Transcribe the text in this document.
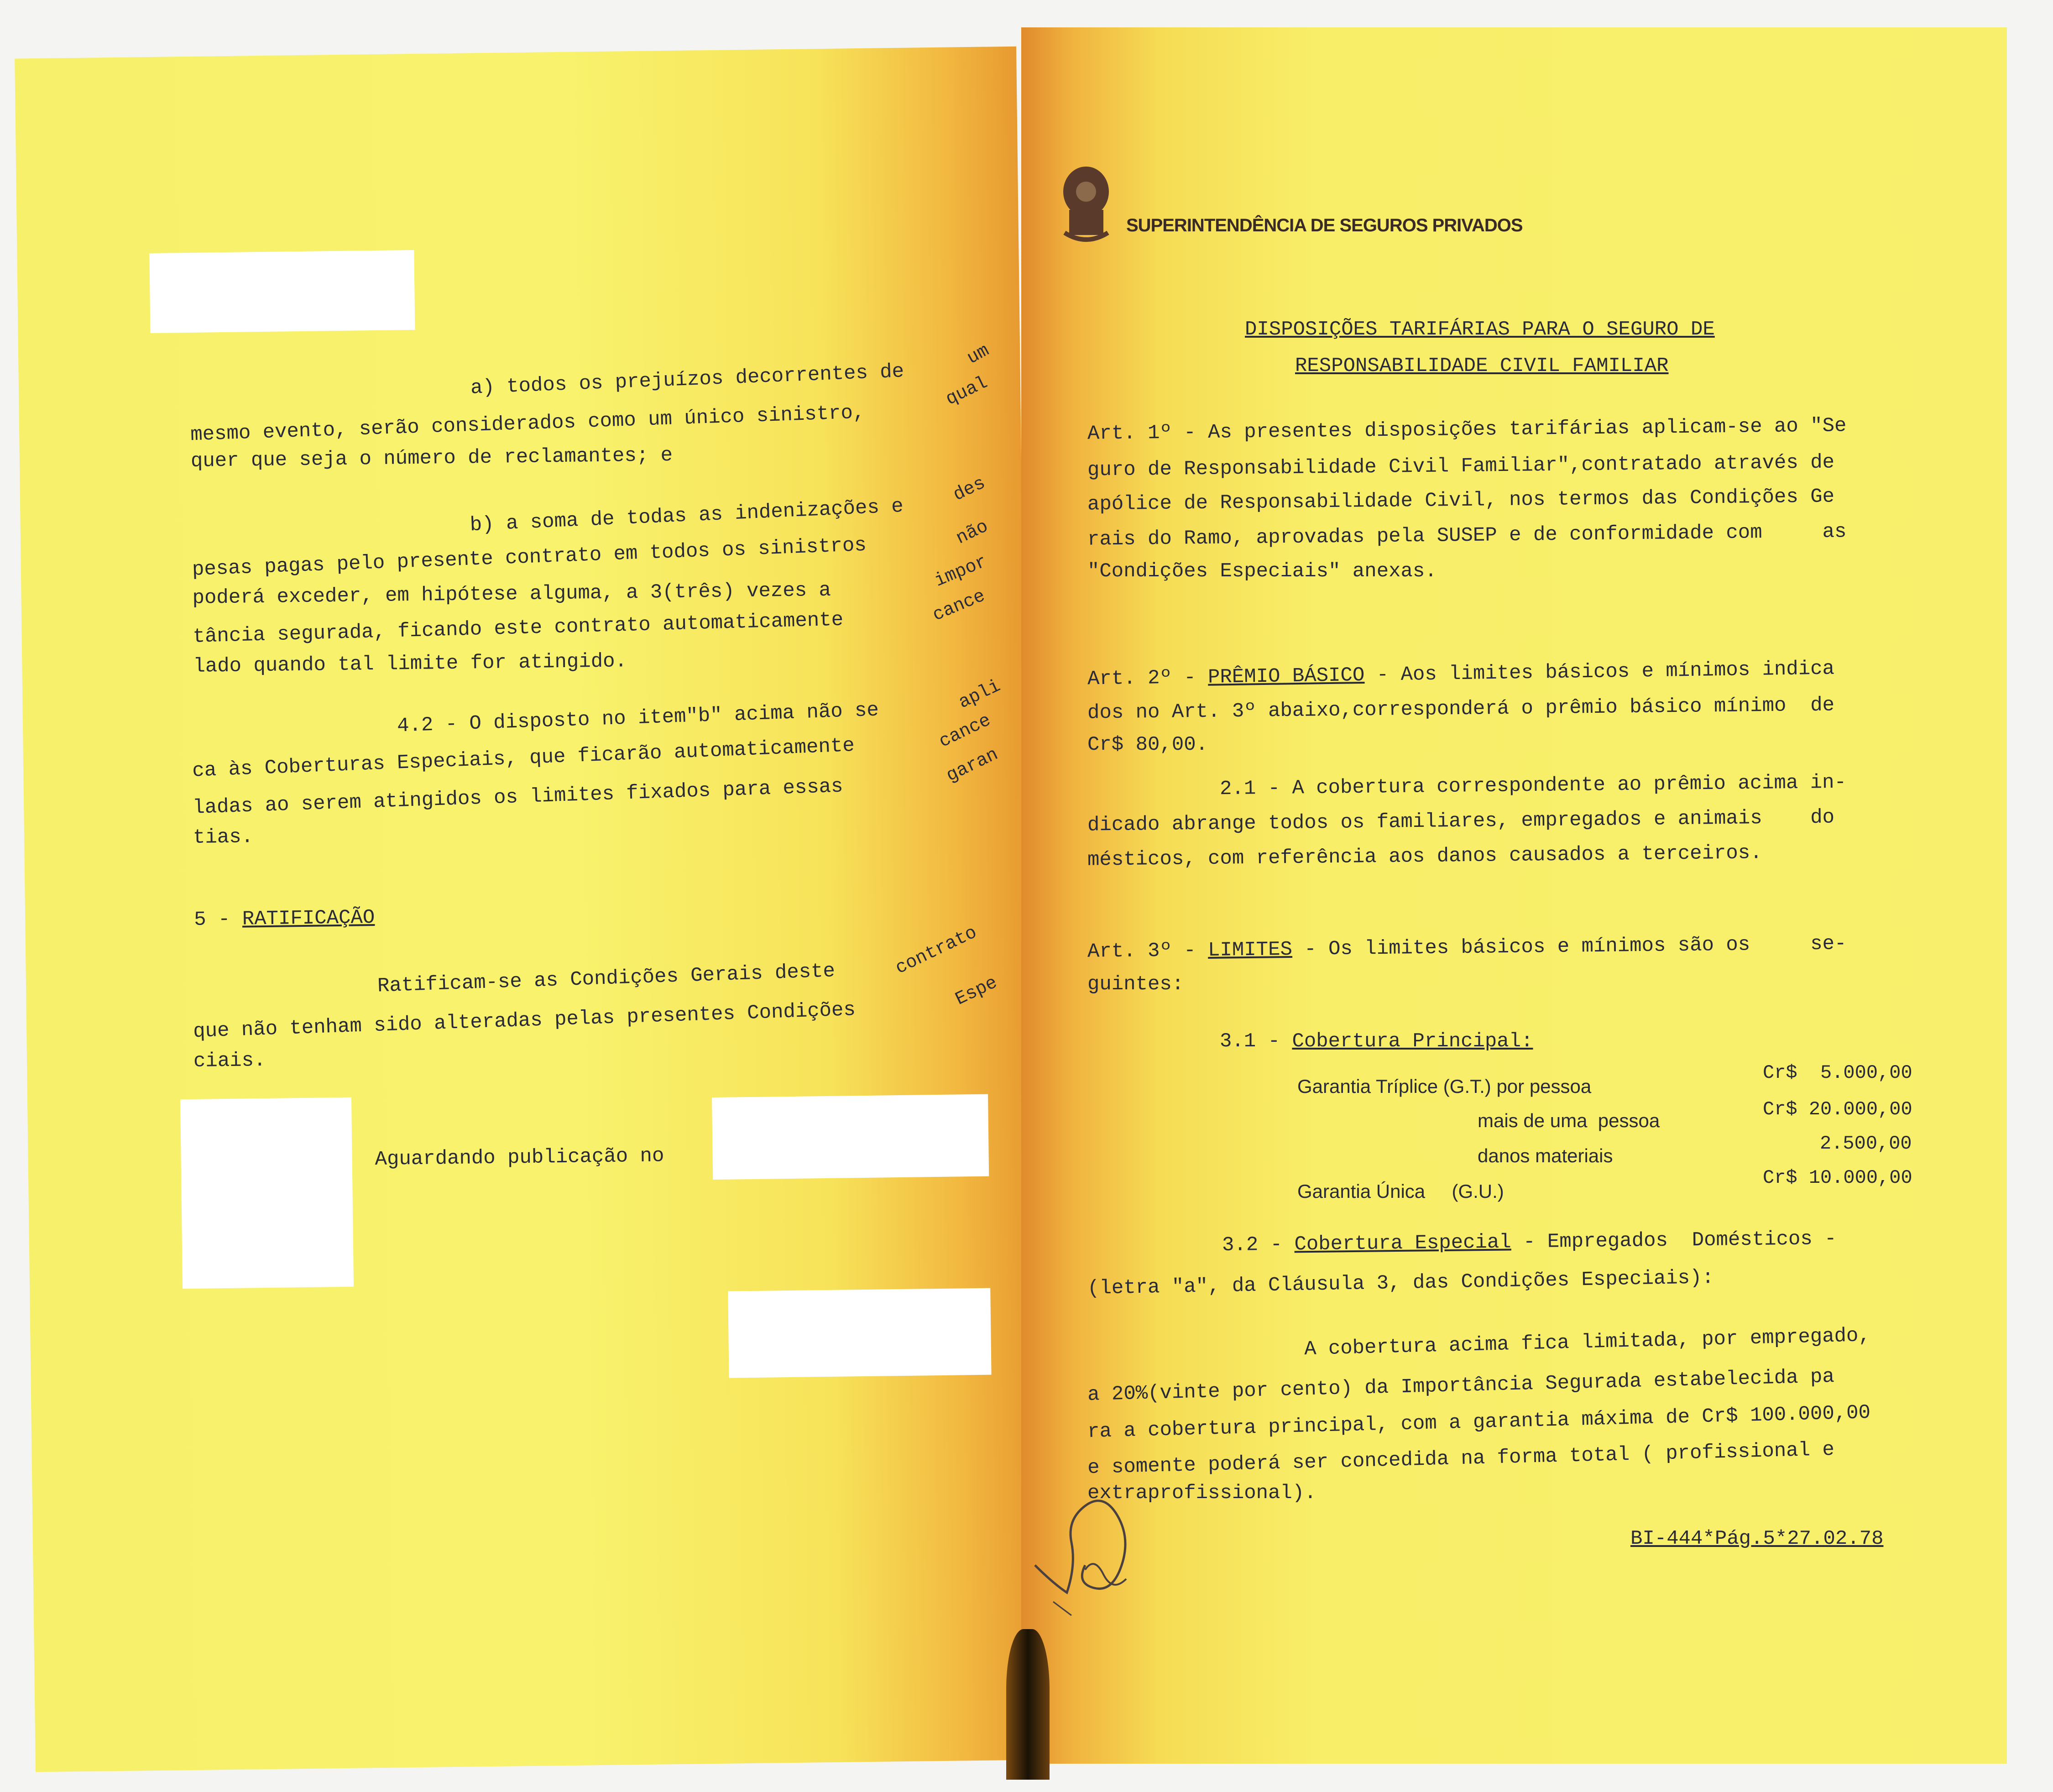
a) todos os prejuízos decorrentes de
um
mesmo evento, serão considerados como um único sinistro,
qual
quer que seja o número de reclamantes; e
b) a soma de todas as indenizações e
des
pesas pagas pelo presente contrato em todos os sinistros
não
poderá exceder, em hipótese alguma, a 3(três) vezes a
impor
tância segurada, ficando este contrato automaticamente
cance
lado quando tal limite for atingido.
4.2 - O disposto no item"b" acima não se
apli
ca às Coberturas Especiais, que ficarão automaticamente
cance
ladas ao serem atingidos os limites fixados para essas
garan
tias.
5 - RATIFICAÇÃO
Ratificam-se as Condições Gerais deste	contrato
que não tenham sido alteradas pelas presentes Condições
Espe
ciais.
Aguardando publicação no
SUPERINTENDÊNCIA DE SEGUROS PRIVADOS
DISPOSIÇÕES TARIFÁRIAS PARA O SEGURO DE
RESPONSABILIDADE CIVIL FAMILIAR
Art. 1º - As presentes disposições tarifárias aplicam-se ao "Se
guro de Responsabilidade Civil Familiar",contratado através de
apólice de Responsabilidade Civil, nos termos das Condições Ge
rais do Ramo, aprovadas pela SUSEP e de conformidade com     as
"Condições Especiais" anexas.
Art. 2º - PRÊMIO BÁSICO - Aos limites básicos e mínimos indica
dos no Art. 3º abaixo,corresponderá o prêmio básico mínimo  de
Cr$ 80,00.
2.1 - A cobertura correspondente ao prêmio acima in-
dicado abrange todos os familiares, empregados e animais    do
mésticos, com referência aos danos causados a terceiros.
Art. 3º - LIMITES - Os limites básicos e mínimos são os     se-
guintes:
3.1 - Cobertura Principal:
Garantia Tríplice (G.T.) por pessoa
Cr$  5.000,00
mais de uma  pessoa
Cr$ 20.000,00
danos materiais
2.500,00
Garantia Única     (G.U.)
Cr$ 10.000,00
3.2 - Cobertura Especial - Empregados  Domésticos -
(letra "a", da Cláusula 3, das Condições Especiais):
A cobertura acima fica limitada, por empregado,
a 20%(vinte por cento) da Importância Segurada estabelecida pa
ra a cobertura principal, com a garantia máxima de Cr$ 100.000,00
e somente poderá ser concedida na forma total ( profissional e
extraprofissional).
BI-444*Pág.5*27.02.78
